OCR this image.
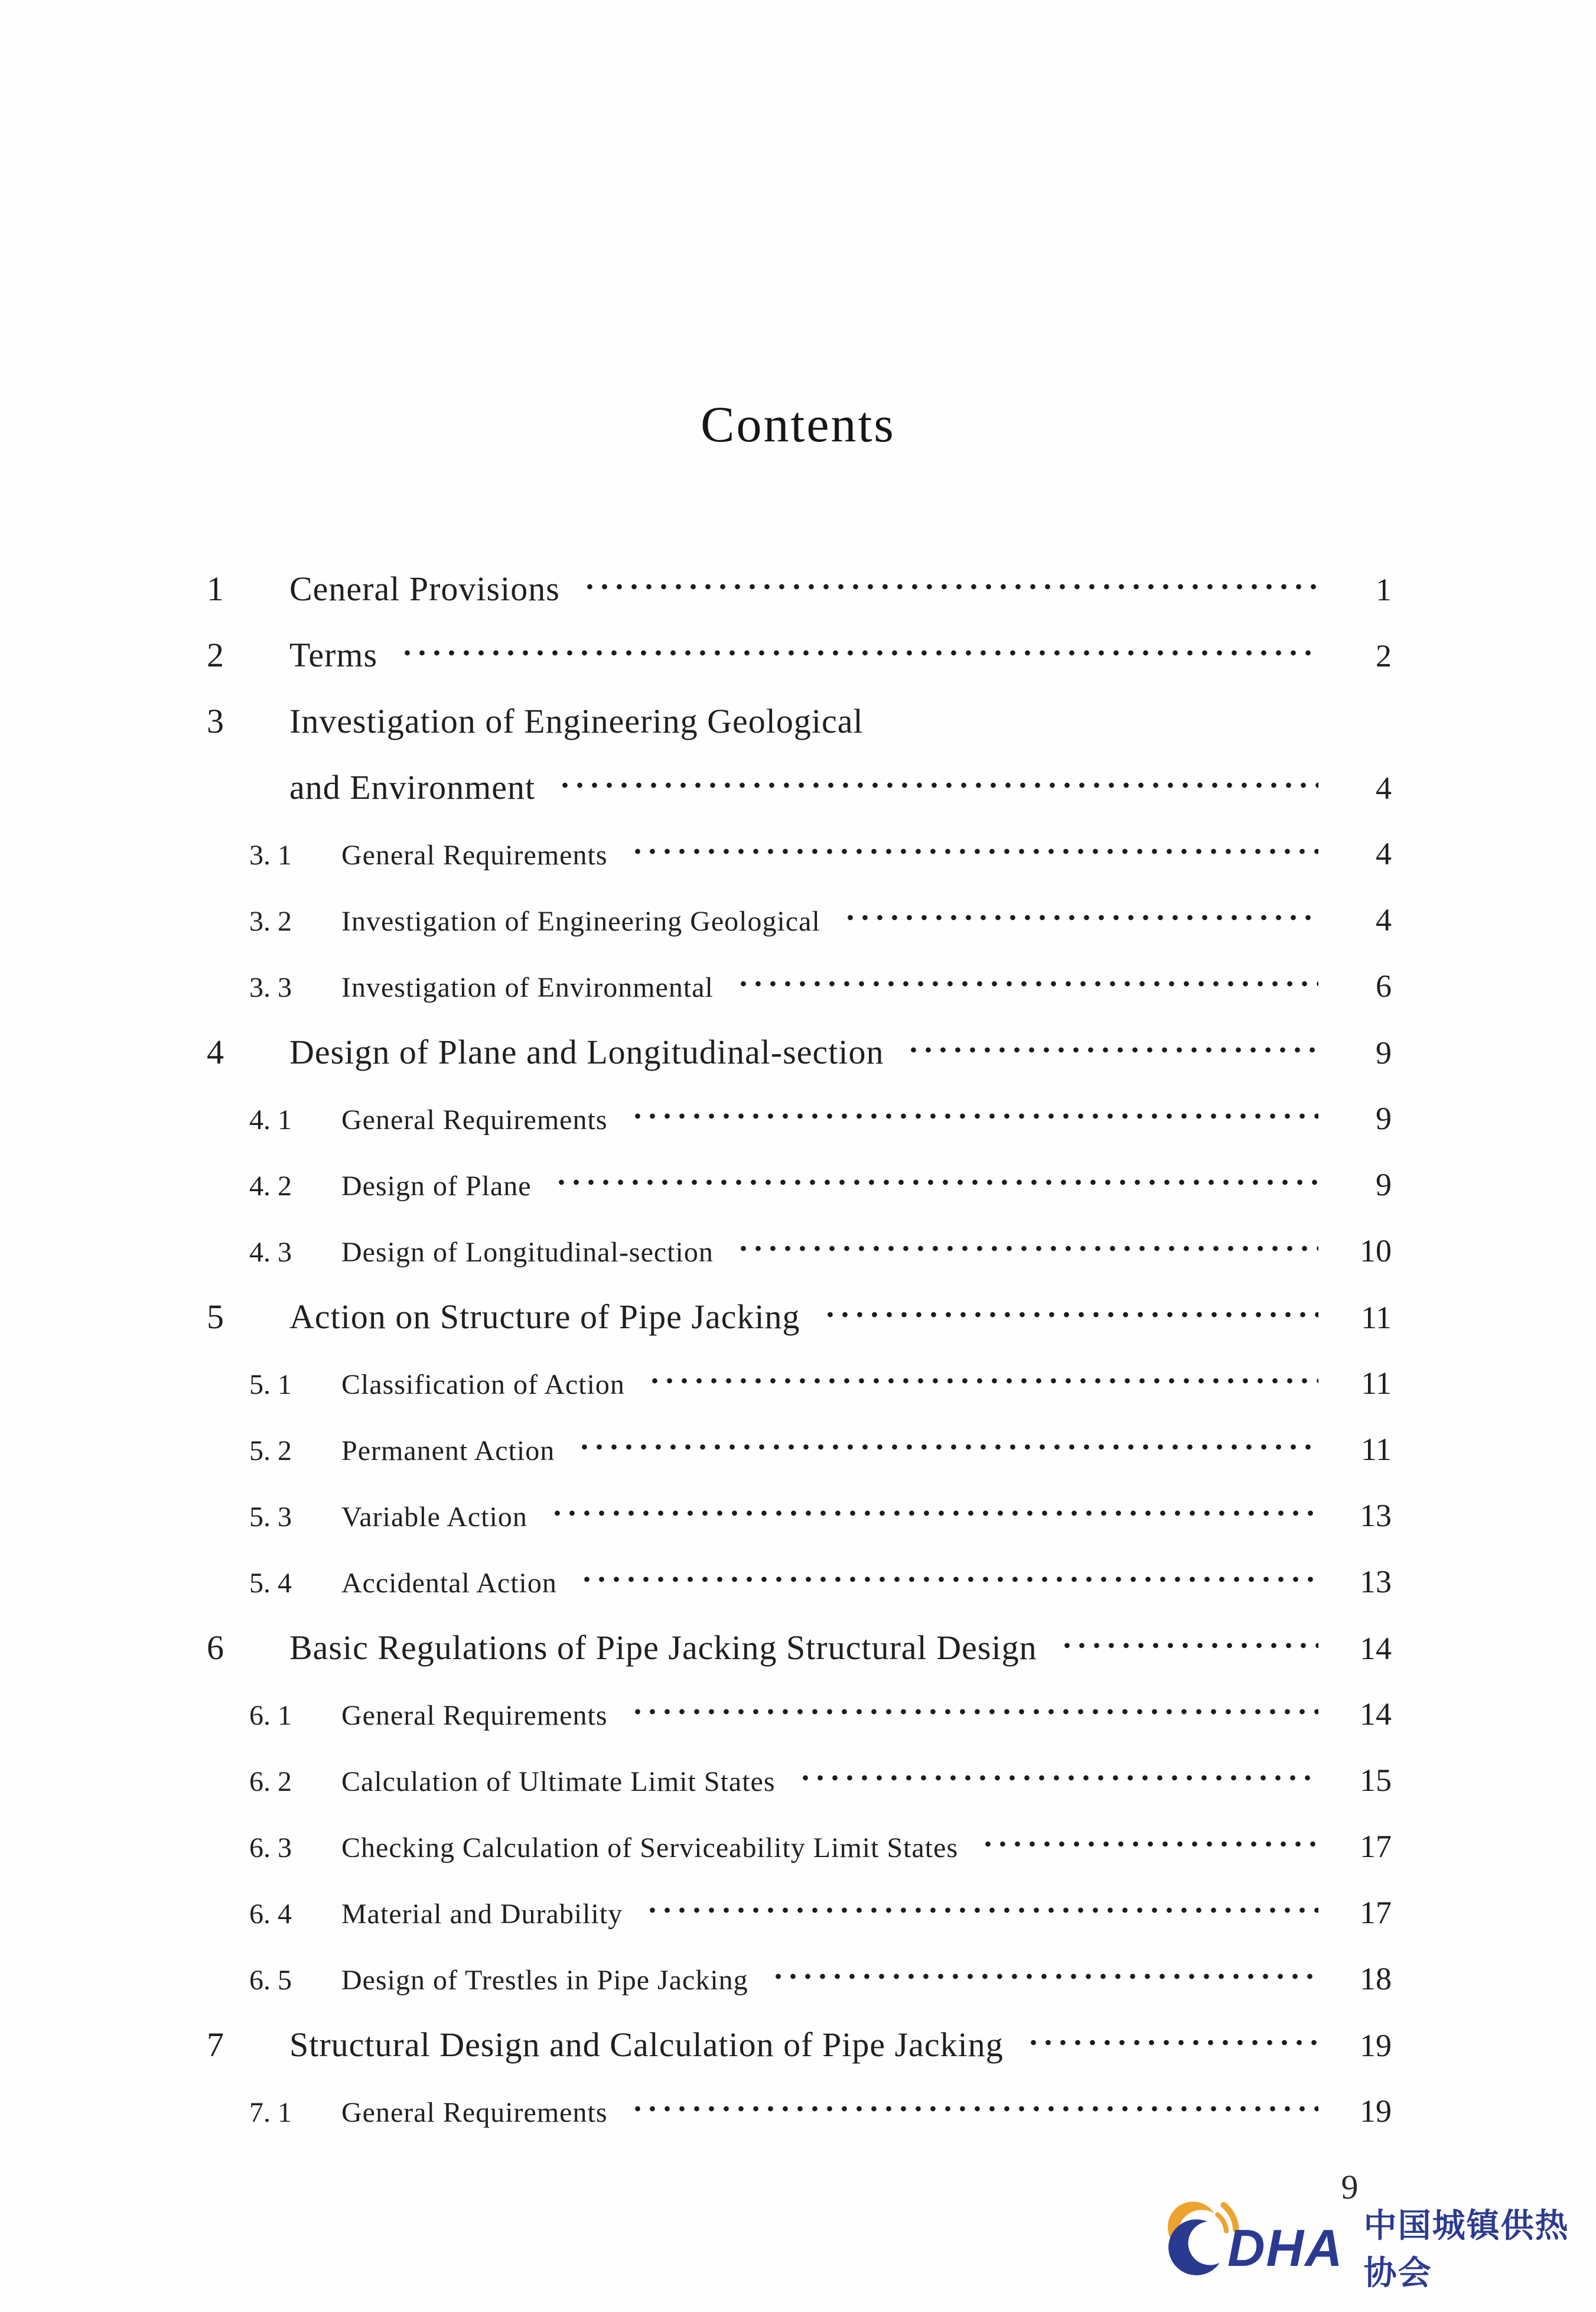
Contents
1	Ceneral Provisions	1
2	Terms	2
3	Investigation of Engineering Geological
and Environment	4
3. 1	General Requirements	4
3. 2	Investigation of Engineering Geological	4
3. 3	Investigation of Environmental	6
4	Design of Plane and Longitudinal-section	9
4. 1	General Requirements	9
4. 2	Design of Plane	9
4. 3	Design of Longitudinal-section	10
5	Action on Structure of Pipe Jacking	11
5. 1	Classification of Action	11
5. 2	Permanent Action	11
5. 3	Variable Action	13
5. 4	Accidental Action	13
6	Basic Regulations of Pipe Jacking Structural Design	14
6. 1	General Requirements	14
6. 2	Calculation of Ultimate Limit States	15
6. 3	Checking Calculation of Serviceability Limit States	17
6. 4	Material and Durability	17
6. 5	Design of Trestles in Pipe Jacking	18
7	Structural Design and Calculation of Pipe Jacking	19
7. 1	General Requirements	19
9
DHA 中国城镇供热协会
